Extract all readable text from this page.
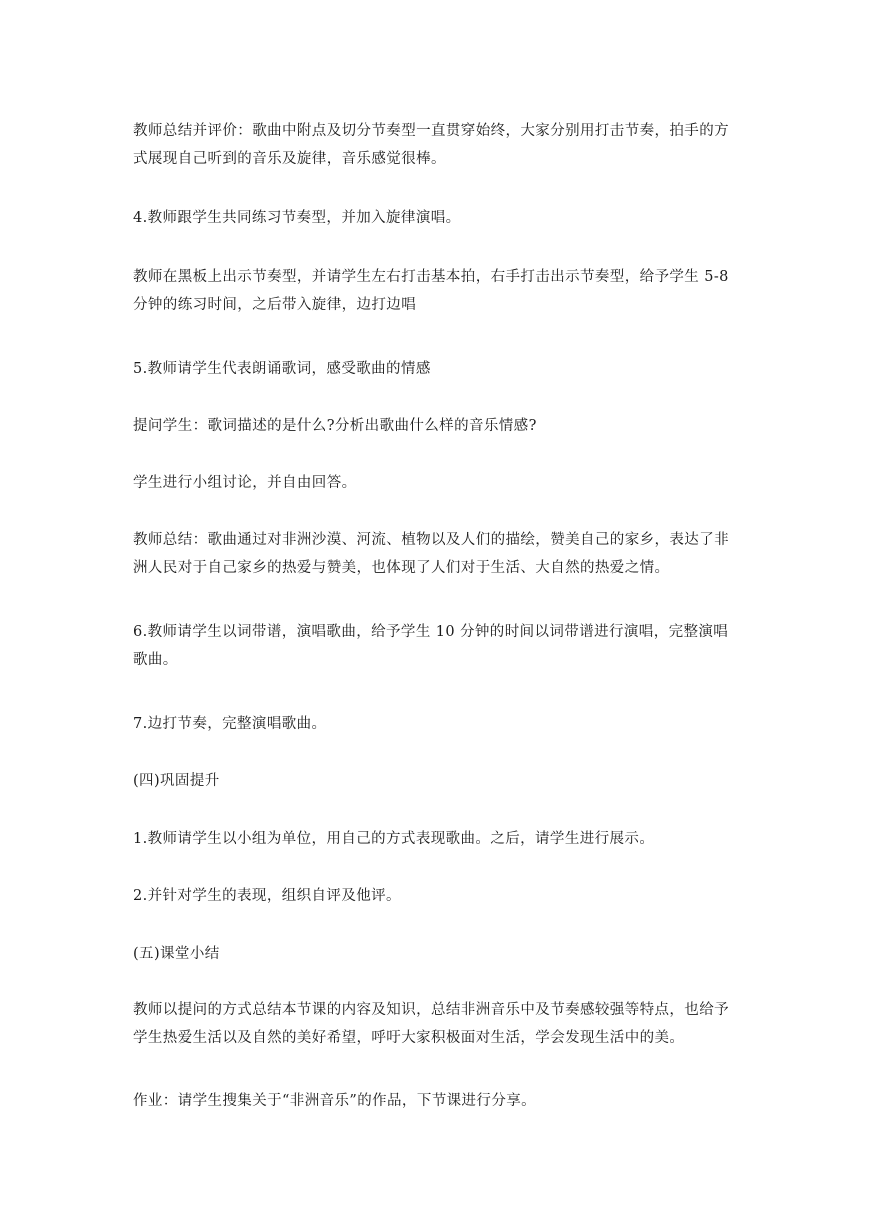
教师总结并评价：歌曲中附点及切分节奏型一直贯穿始终，大家分别用打击节奏，拍手的方式展现自己听到的音乐及旋律，音乐感觉很棒。

4.教师跟学生共同练习节奏型，并加入旋律演唱。

教师在黑板上出示节奏型，并请学生左右打击基本拍，右手打击出示节奏型，给予学生 5-8 分钟的练习时间，之后带入旋律，边打边唱

5.教师请学生代表朗诵歌词，感受歌曲的情感

提问学生：歌词描述的是什么?分析出歌曲什么样的音乐情感?

学生进行小组讨论，并自由回答。

教师总结：歌曲通过对非洲沙漠、河流、植物以及人们的描绘，赞美自己的家乡，表达了非洲人民对于自己家乡的热爱与赞美，也体现了人们对于生活、大自然的热爱之情。

6.教师请学生以词带谱，演唱歌曲，给予学生 10 分钟的时间以词带谱进行演唱，完整演唱歌曲。

7.边打节奏，完整演唱歌曲。

(四)巩固提升

1.教师请学生以小组为单位，用自己的方式表现歌曲。之后，请学生进行展示。

2.并针对学生的表现，组织自评及他评。

(五)课堂小结

教师以提问的方式总结本节课的内容及知识，总结非洲音乐中及节奏感较强等特点，也给予学生热爱生活以及自然的美好希望，呼吁大家积极面对生活，学会发现生活中的美。

作业：请学生搜集关于“非洲音乐”的作品，下节课进行分享。
